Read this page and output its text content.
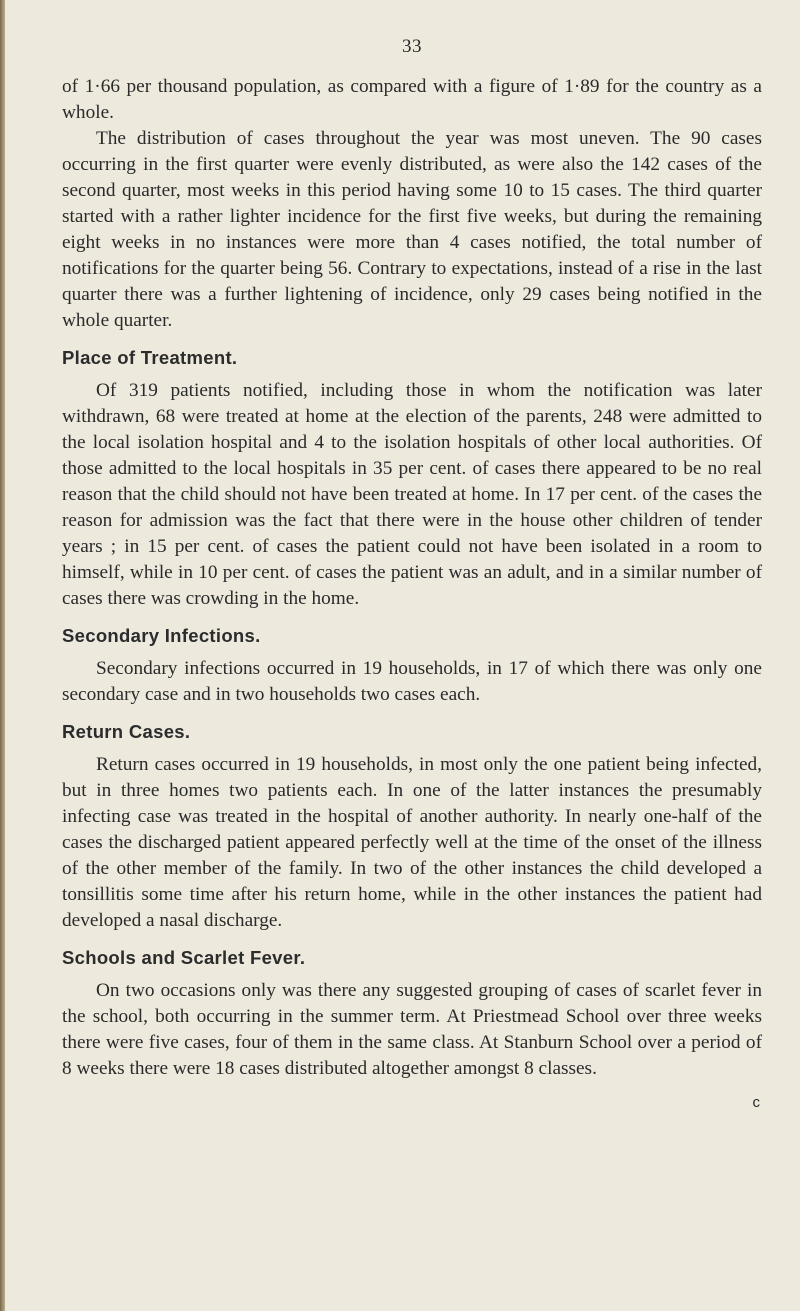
33

of 1·66 per thousand population, as compared with a figure of 1·89 for the country as a whole.

The distribution of cases throughout the year was most uneven. The 90 cases occurring in the first quarter were evenly distributed, as were also the 142 cases of the second quarter, most weeks in this period having some 10 to 15 cases. The third quarter started with a rather lighter incidence for the first five weeks, but during the remaining eight weeks in no instances were more than 4 cases notified, the total number of notifications for the quarter being 56. Contrary to expectations, instead of a rise in the last quarter there was a further lightening of incidence, only 29 cases being notified in the whole quarter.

Place of Treatment.

Of 319 patients notified, including those in whom the notification was later withdrawn, 68 were treated at home at the election of the parents, 248 were admitted to the local isolation hospital and 4 to the isolation hospitals of other local authorities. Of those admitted to the local hospitals in 35 per cent. of cases there appeared to be no real reason that the child should not have been treated at home. In 17 per cent. of the cases the reason for admission was the fact that there were in the house other children of tender years ; in 15 per cent. of cases the patient could not have been isolated in a room to himself, while in 10 per cent. of cases the patient was an adult, and in a similar number of cases there was crowding in the home.

Secondary Infections.

Secondary infections occurred in 19 households, in 17 of which there was only one secondary case and in two households two cases each.

Return Cases.

Return cases occurred in 19 households, in most only the one patient being infected, but in three homes two patients each. In one of the latter instances the presumably infecting case was treated in the hospital of another authority. In nearly one-half of the cases the discharged patient appeared perfectly well at the time of the onset of the illness of the other member of the family. In two of the other instances the child developed a tonsillitis some time after his return home, while in the other instances the patient had developed a nasal discharge.

Schools and Scarlet Fever.

On two occasions only was there any suggested grouping of cases of scarlet fever in the school, both occurring in the summer term. At Priestmead School over three weeks there were five cases, four of them in the same class. At Stanburn School over a period of 8 weeks there were 18 cases distributed altogether amongst 8 classes.

c
